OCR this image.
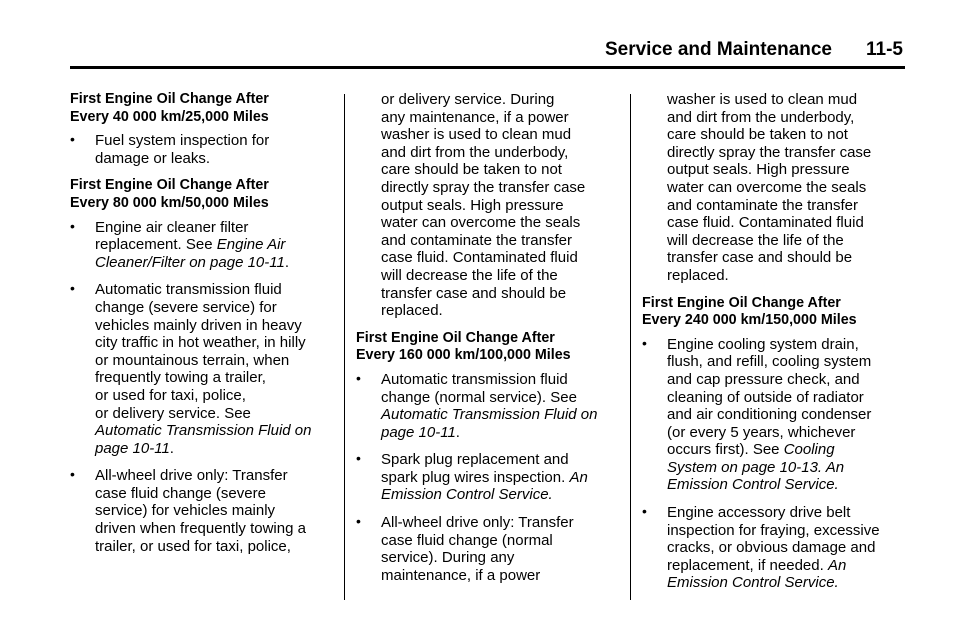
Service and Maintenance 11-5
First Engine Oil Change After
Every 40 000 km/25,000 Miles
• Fuel system inspection for
damage or leaks.
First Engine Oil Change After
Every 80 000 km/50,000 Miles
• Engine air cleaner filter
replacement. See Engine Air
Cleaner/Filter on page 10-11.
• Automatic transmission fluid
change (severe service) for
vehicles mainly driven in heavy
city traffic in hot weather, in hilly
or mountainous terrain, when
frequently towing a trailer,
or used for taxi, police,
or delivery service. See
Automatic Transmission Fluid on
page 10-11.
• All-wheel drive only: Transfer
case fluid change (severe
service) for vehicles mainly
driven when frequently towing a
trailer, or used for taxi, police,
or delivery service. During
any maintenance, if a power
washer is used to clean mud
and dirt from the underbody,
care should be taken to not
directly spray the transfer case
output seals. High pressure
water can overcome the seals
and contaminate the transfer
case fluid. Contaminated fluid
will decrease the life of the
transfer case and should be
replaced.
First Engine Oil Change After
Every 160 000 km/100,000 Miles
• Automatic transmission fluid
change (normal service). See
Automatic Transmission Fluid on
page 10-11.
• Spark plug replacement and
spark plug wires inspection. An
Emission Control Service.
• All-wheel drive only: Transfer
case fluid change (normal
service). During any
maintenance, if a power
washer is used to clean mud
and dirt from the underbody,
care should be taken to not
directly spray the transfer case
output seals. High pressure
water can overcome the seals
and contaminate the transfer
case fluid. Contaminated fluid
will decrease the life of the
transfer case and should be
replaced.
First Engine Oil Change After
Every 240 000 km/150,000 Miles
• Engine cooling system drain,
flush, and refill, cooling system
and cap pressure check, and
cleaning of outside of radiator
and air conditioning condenser
(or every 5 years, whichever
occurs first). See Cooling
System on page 10-13. An
Emission Control Service.
• Engine accessory drive belt
inspection for fraying, excessive
cracks, or obvious damage and
replacement, if needed. An
Emission Control Service.
